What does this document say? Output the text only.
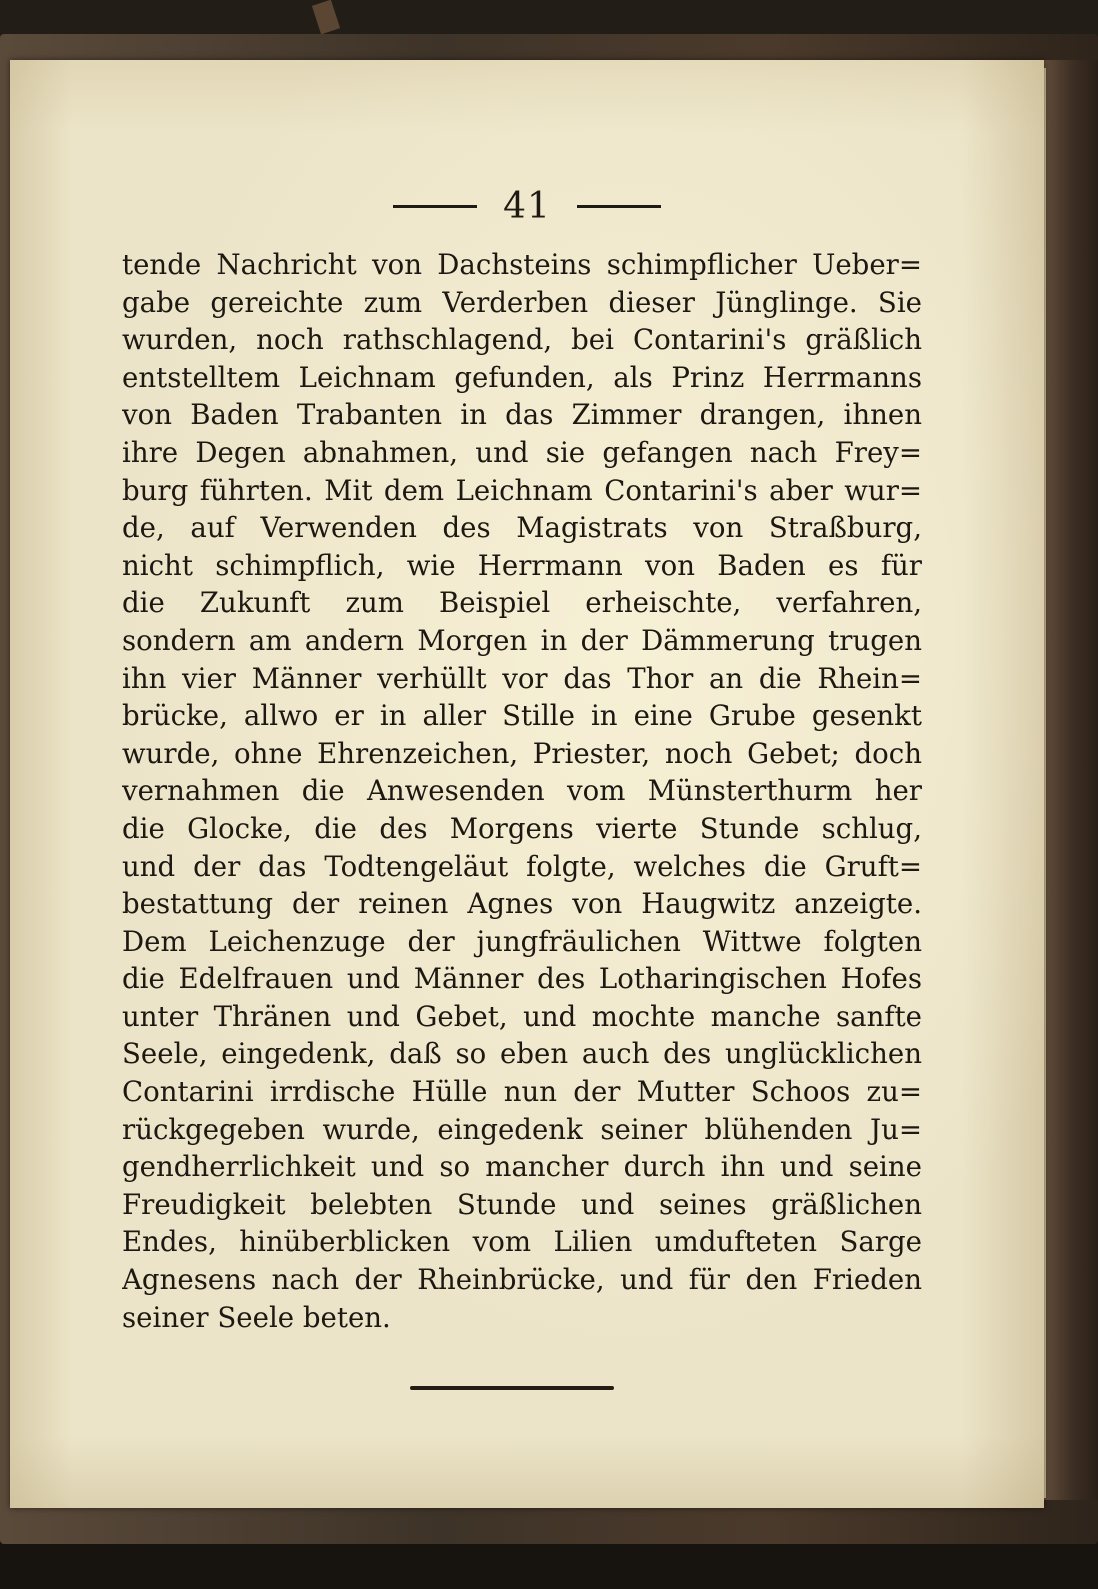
41
tende Nachricht von Dachsteins schimpflicher Ueber=
gabe gereichte zum Verderben dieser Jünglinge. Sie
wurden, noch rathschlagend, bei Contarini's gräßlich
entstelltem Leichnam gefunden, als Prinz Herrmanns
von Baden Trabanten in das Zimmer drangen, ihnen
ihre Degen abnahmen, und sie gefangen nach Frey=
burg führten. Mit dem Leichnam Contarini's aber wur=
de, auf Verwenden des Magistrats von Straßburg,
nicht schimpflich, wie Herrmann von Baden es für
die Zukunft zum Beispiel erheischte, verfahren,
sondern am andern Morgen in der Dämmerung trugen
ihn vier Männer verhüllt vor das Thor an die Rhein=
brücke, allwo er in aller Stille in eine Grube gesenkt
wurde, ohne Ehrenzeichen, Priester, noch Gebet; doch
vernahmen die Anwesenden vom Münsterthurm her
die Glocke, die des Morgens vierte Stunde schlug,
und der das Todtengeläut folgte, welches die Gruft=
bestattung der reinen Agnes von Haugwitz anzeigte.
Dem Leichenzuge der jungfräulichen Wittwe folgten
die Edelfrauen und Männer des Lotharingischen Hofes
unter Thränen und Gebet, und mochte manche sanfte
Seele, eingedenk, daß so eben auch des unglücklichen
Contarini irrdische Hülle nun der Mutter Schoos zu=
rückgegeben wurde, eingedenk seiner blühenden Ju=
gendherrlichkeit und so mancher durch ihn und seine
Freudigkeit belebten Stunde und seines gräßlichen
Endes, hinüberblicken vom Lilien umdufteten Sarge
Agnesens nach der Rheinbrücke, und für den Frieden
seiner Seele beten.
